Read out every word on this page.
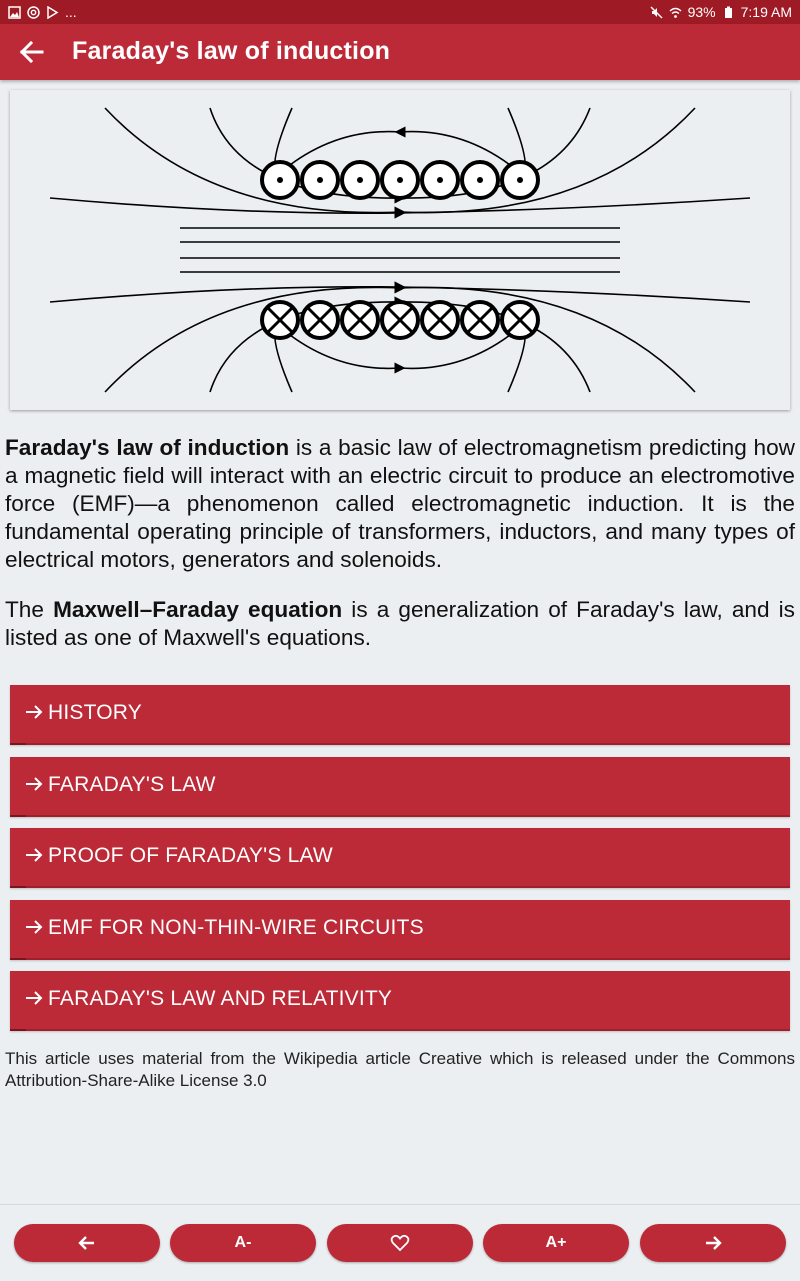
...	93% 7:19 AM
Faraday's law of induction

Faraday's law of induction is a basic law of electromagnetism predicting how a magnetic field will interact with an electric circuit to produce an electromotive force (EMF)—a phenomenon called electromagnetic induction. It is the fundamental operating principle of transformers, inductors, and many types of electrical motors, generators and solenoids.

The Maxwell–Faraday equation is a generalization of Faraday's law, and is listed as one of Maxwell's equations.

HISTORY
FARADAY'S LAW
PROOF OF FARADAY'S LAW
EMF FOR NON-THIN-WIRE CIRCUITS
FARADAY'S LAW AND RELATIVITY
This article uses material from the Wikipedia article Creative which is released under the Commons Attribution-Share-Alike License 3.0
A-	A+
